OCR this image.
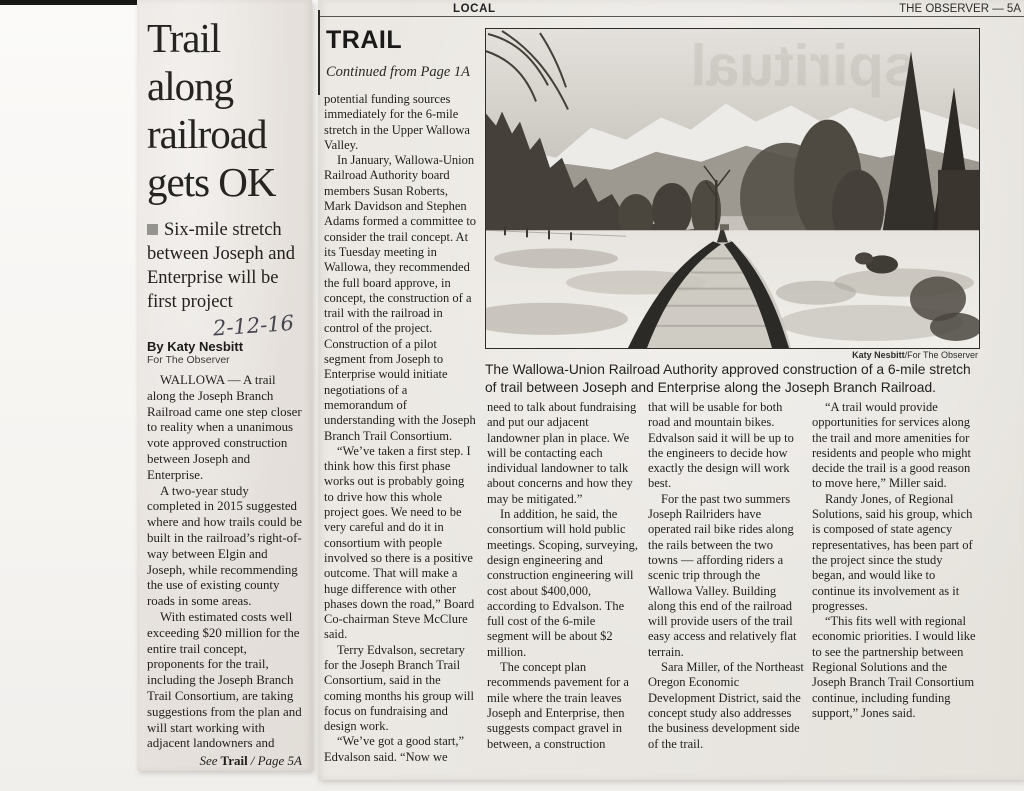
Trail along railroad gets OK
Six-mile stretch between Joseph and Enterprise will be first project
2-12-16
By Katy Nesbitt
For The Observer

WALLOWA — A trail along the Joseph Branch Railroad came one step closer to reality when a unanimous vote approved construction between Joseph and Enterprise.

A two-year study completed in 2015 suggested where and how trails could be built in the railroad’s right-of-way between Elgin and Joseph, while recommending the use of existing county roads in some areas.

With estimated costs well exceeding $20 million for the entire trail concept, proponents for the trail, including the Joseph Branch Trail Consortium, are taking suggestions from the plan and will start working with adjacent landowners and

See Trail / Page 5A
LOCAL	THE OBSERVER — 5A
TRAIL
Continued from Page 1A

potential funding sources immediately for the 6-mile stretch in the Upper Wallowa Valley.

In January, Wallowa-Union Railroad Authority board members Susan Roberts, Mark Davidson and Stephen Adams formed a committee to consider the trail concept. At its Tuesday meeting in Wallowa, they recommended the full board approve, in concept, the construction of a trail with the railroad in control of the project. Construction of a pilot segment from Joseph to Enterprise would initiate negotiations of a memorandum of understanding with the Joseph Branch Trail Consortium.

“We’ve taken a first step. I think how this first phase works out is probably going to drive how this whole project goes. We need to be very careful and do it in consortium with people involved so there is a positive outcome. That will make a huge difference with other phases down the road,” Board Co-chairman Steve McClure said.

Terry Edvalson, secretary for the Joseph Branch Trail Consortium, said in the coming months his group will focus on fundraising and design work.

“We’ve got a good start,” Edvalson said. “Now we

need to talk about fundraising and put our adjacent landowner plan in place. We will be contacting each individual landowner to talk about concerns and how they may be mitigated.”

In addition, he said, the consortium will hold public meetings. Scoping, surveying, design engineering and construction engineering will cost about $400,000, according to Edvalson. The full cost of the 6-mile segment will be about $2 million.

The concept plan recommends pavement for a mile where the train leaves Joseph and Enterprise, then suggests compact gravel in between, a construction

that will be usable for both road and mountain bikes. Edvalson said it will be up to the engineers to decide how exactly the design will work best.

For the past two summers Joseph Railriders have operated rail bike rides along the rails between the two towns — affording riders a scenic trip through the Wallowa Valley. Building along this end of the railroad will provide users of the trail easy access and relatively flat terrain.

Sara Miller, of the Northeast Oregon Economic Development District, said the concept study also addresses the business development side of the trail.

“A trail would provide opportunities for services along the trail and more amenities for residents and people who might decide the trail is a good reason to move here,” Miller said.

Randy Jones, of Regional Solutions, said his group, which is composed of state agency representatives, has been part of the project since the study began, and would like to continue its involvement as it progresses.

“This fits well with regional economic priorities. I would like to see the partnership between Regional Solutions and the Joseph Branch Trail Consortium continue, including funding support,” Jones said.

spiritual
Katy Nesbitt/For The Observer
The Wallowa-Union Railroad Authority approved construction of a 6-mile stretch of trail between Joseph and Enterprise along the Joseph Branch Railroad.
